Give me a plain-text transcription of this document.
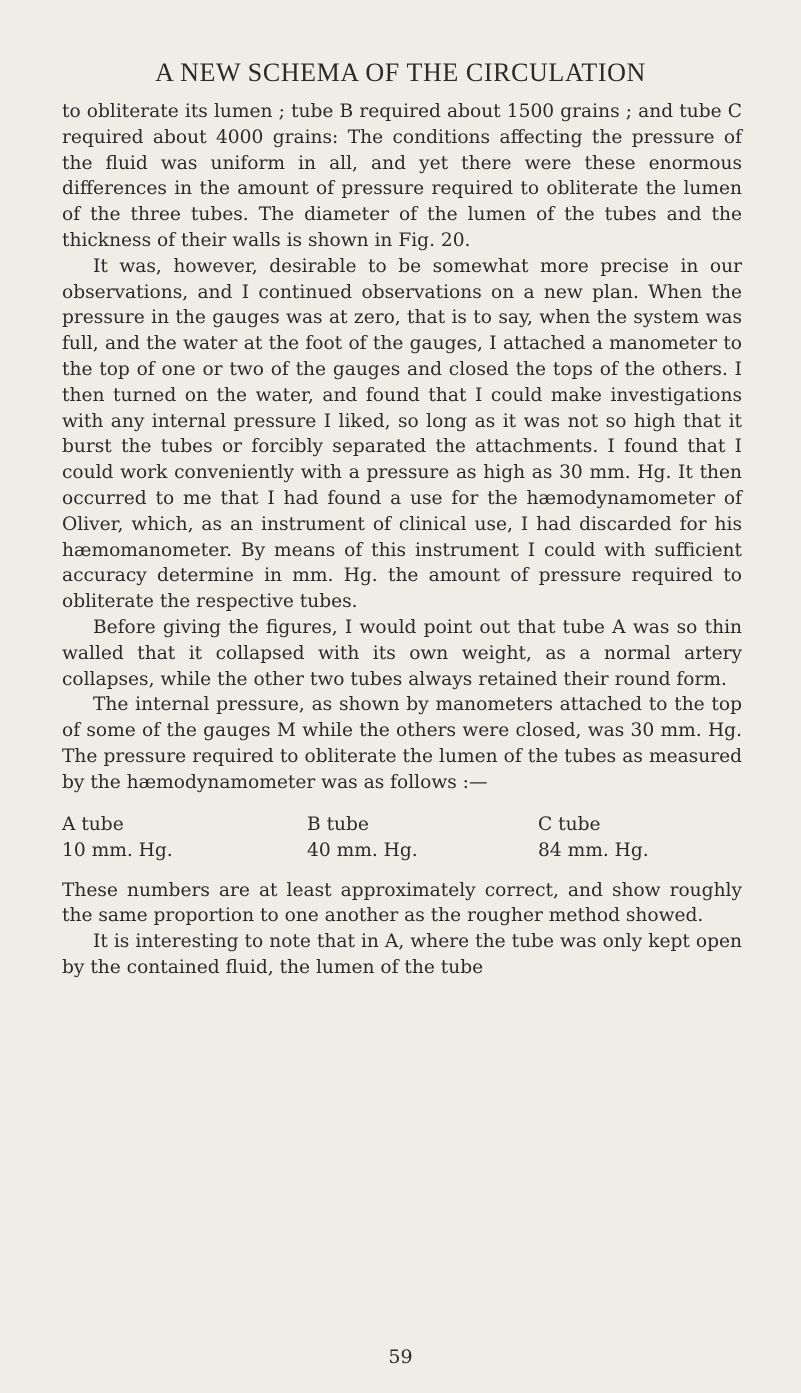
A NEW SCHEMA OF THE CIRCULATION

to obliterate its lumen ; tube B required about 1500 grains ; and tube C required about 4000 grains: The conditions affecting the pressure of the fluid was uniform in all, and yet there were these enormous differences in the amount of pressure required to obliterate the lumen of the three tubes. The diameter of the lumen of the tubes and the thickness of their walls is shown in Fig. 20.

It was, however, desirable to be somewhat more precise in our observations, and I continued observations on a new plan. When the pressure in the gauges was at zero, that is to say, when the system was full, and the water at the foot of the gauges, I attached a manometer to the top of one or two of the gauges and closed the tops of the others. I then turned on the water, and found that I could make investigations with any internal pressure I liked, so long as it was not so high that it burst the tubes or forcibly separated the attachments. I found that I could work conveniently with a pressure as high as 30 mm. Hg. It then occurred to me that I had found a use for the hæmodynamometer of Oliver, which, as an instrument of clinical use, I had discarded for his hæmomanometer. By means of this instrument I could with sufficient accuracy determine in mm. Hg. the amount of pressure required to obliterate the respective tubes.

Before giving the figures, I would point out that tube A was so thin walled that it collapsed with its own weight, as a normal artery collapses, while the other two tubes always retained their round form.

The internal pressure, as shown by manometers attached to the top of some of the gauges M while the others were closed, was 30 mm. Hg. The pressure required to obliterate the lumen of the tubes as measured by the hæmodynamometer was as follows :—

A tube
10 mm. Hg.
B tube
40 mm. Hg.
C tube
84 mm. Hg.

These numbers are at least approximately correct, and show roughly the same proportion to one another as the rougher method showed.

It is interesting to note that in A, where the tube was only kept open by the contained fluid, the lumen of the tube

59
